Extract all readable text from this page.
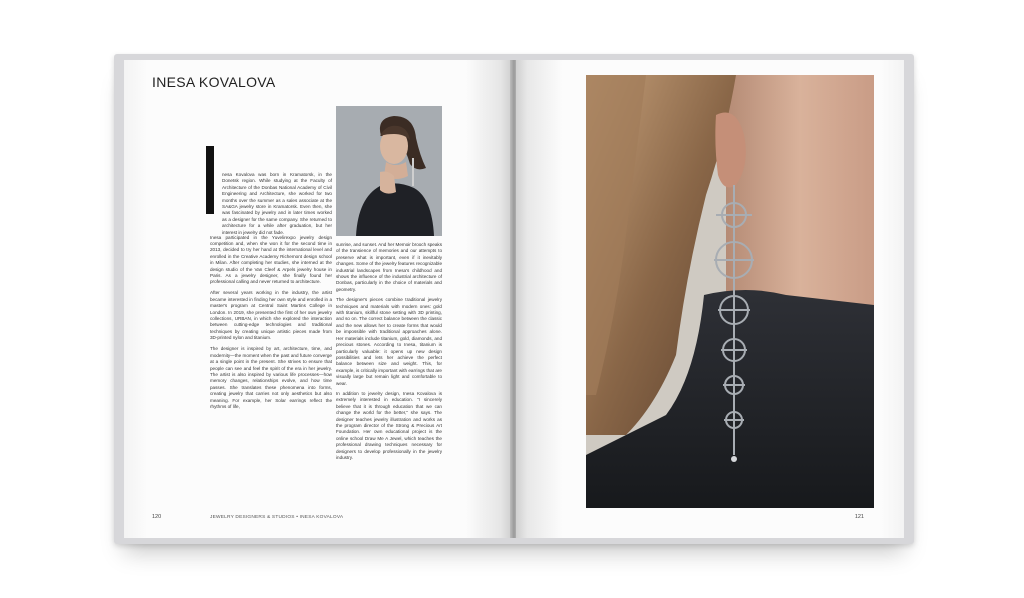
INESA KOVALOVA
nesa Kovalova was born in Kramatorsk, in the Donetsk region. While studying at the Faculty of Architecture of the Donbas National Academy of Civil Engineering and Architecture, she worked for two months over the summer as a sales associate at the SA&GA jewelry store in Kramatorsk. Even then, she was fascinated by jewelry and in later times worked as a designer for the same company. She returned to architecture for a while after graduation, but her interest in jewelry did not fade.

Inesa participated in the Yuvelirexpo jewelry design competition and, when she won it for the second time in 2013, decided to try her hand at the international level and enrolled in the Creative Academy Richemont design school in Milan. After completing her studies, she interned at the design studio of the Van Cleef & Arpels jewelry house in Paris. As a jewelry designer, she finally found her professional calling and never returned to architecture.

After several years working in the industry, the artist became interested in finding her own style and enrolled in a master's program at Central Saint Martins College in London. In 2019, she presented the first of her own jewelry collections, URBAN, in which she explored the interaction between cutting-edge technologies and traditional techniques by creating unique artistic pieces made from 3D-printed nylon and titanium.

The designer is inspired by art, architecture, time, and modernity—the moment when the past and future converge at a single point in the present. She strives to ensure that people can see and feel the spirit of the era in her jewelry. The artist is also inspired by various life processes—how memory changes, relationships evolve, and how time passes. She translates these phenomena into forms, creating jewelry that carries not only aesthetics but also meaning. For example, her Solar earrings reflect the rhythms of life,

sunrise, and sunset. And her Memoir brooch speaks of the transience of memories and our attempts to preserve what is important, even if it inevitably changes. Some of the jewelry features recognizable industrial landscapes from Inesa's childhood and shows the influence of the industrial architecture of Donbas, particularly in the choice of materials and geometry.

The designer's pieces combine traditional jewelry techniques and materials with modern ones: gold with titanium, skillful stone setting with 3D printing, and so on. The correct balance between the classic and the new allows her to create forms that would be impossible with traditional approaches alone. Her materials include titanium, gold, diamonds, and precious stones. According to Inesa, titanium is particularly valuable: it opens up new design possibilities and lets her achieve the perfect balance between size and weight. This, for example, is critically important with earrings that are visually large but remain light and comfortable to wear.

In addition to jewelry design, Inesa Kovalova is extremely interested in education. "I sincerely believe that it is through education that we can change the world for the better," she says. The designer teaches jewelry illustration and works as the program director of the Strong & Precious Art Foundation. Her own educational project is the online school Draw Me A Jewel, which teaches the professional drawing techniques necessary for designers to develop professionally in the jewelry industry.

120	JEWELRY DESIGNERS & STUDIOS • INESA KOVALOVA	121
